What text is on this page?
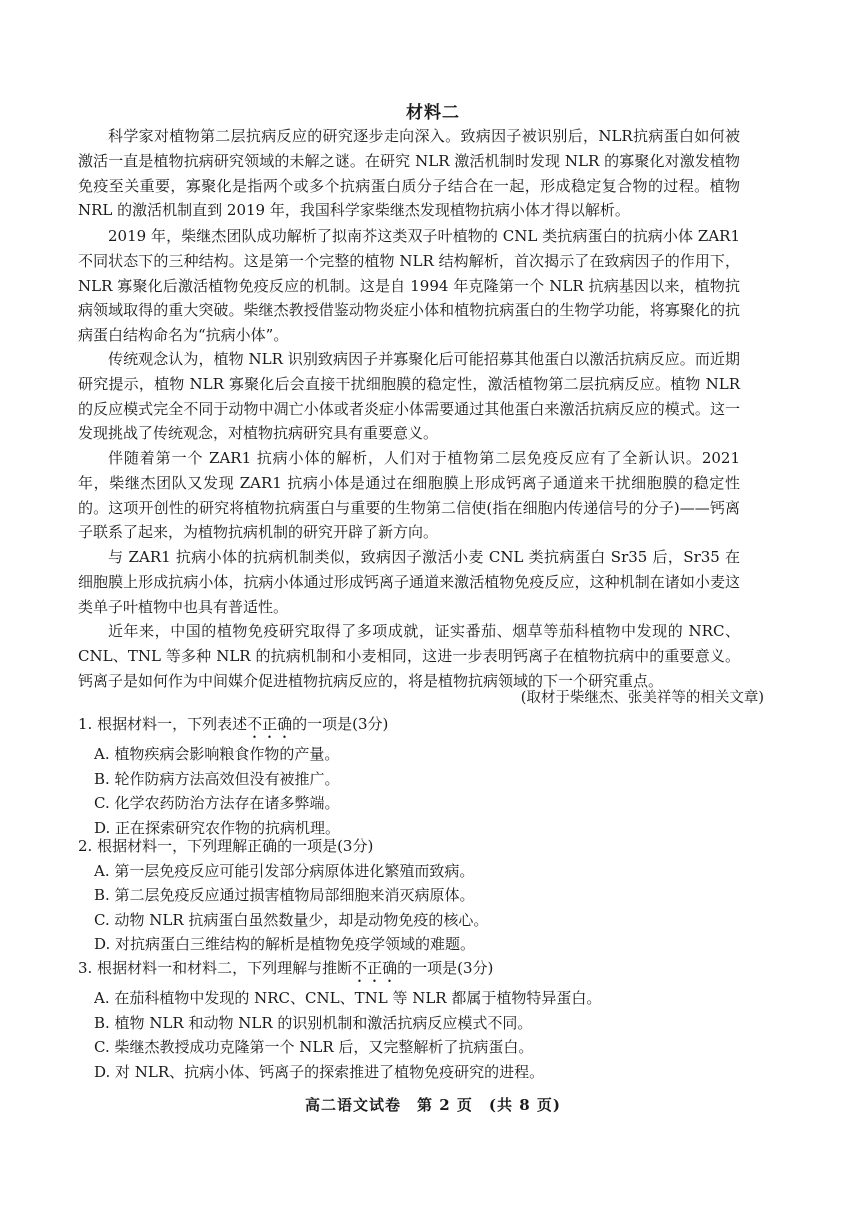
材料二
科学家对植物第二层抗病反应的研究逐步走向深入。致病因子被识别后，NLR抗病蛋白如何被激活一直是植物抗病研究领域的未解之谜。在研究 NLR 激活机制时发现 NLR 的寡聚化对激发植物免疫至关重要，寡聚化是指两个或多个抗病蛋白质分子结合在一起，形成稳定复合物的过程。植物 NRL 的激活机制直到 2019 年，我国科学家柴继杰发现植物抗病小体才得以解析。
2019 年，柴继杰团队成功解析了拟南芥这类双子叶植物的 CNL 类抗病蛋白的抗病小体 ZAR1 不同状态下的三种结构。这是第一个完整的植物 NLR 结构解析，首次揭示了在致病因子的作用下，NLR 寡聚化后激活植物免疫反应的机制。这是自 1994 年克隆第一个 NLR 抗病基因以来，植物抗病领域取得的重大突破。柴继杰教授借鉴动物炎症小体和植物抗病蛋白的生物学功能，将寡聚化的抗病蛋白结构命名为“抗病小体”。
传统观念认为，植物 NLR 识别致病因子并寡聚化后可能招募其他蛋白以激活抗病反应。而近期研究提示，植物 NLR 寡聚化后会直接干扰细胞膜的稳定性，激活植物第二层抗病反应。植物 NLR 的反应模式完全不同于动物中凋亡小体或者炎症小体需要通过其他蛋白来激活抗病反应的模式。这一发现挑战了传统观念，对植物抗病研究具有重要意义。
伴随着第一个 ZAR1 抗病小体的解析，人们对于植物第二层免疫反应有了全新认识。2021 年，柴继杰团队又发现 ZAR1 抗病小体是通过在细胞膜上形成钙离子通道来干扰细胞膜的稳定性的。这项开创性的研究将植物抗病蛋白与重要的生物第二信使(指在细胞内传递信号的分子)——钙离子联系了起来，为植物抗病机制的研究开辟了新方向。
与 ZAR1 抗病小体的抗病机制类似，致病因子激活小麦 CNL 类抗病蛋白 Sr35 后，Sr35 在细胞膜上形成抗病小体，抗病小体通过形成钙离子通道来激活植物免疫反应，这种机制在诸如小麦这类单子叶植物中也具有普适性。
近年来，中国的植物免疫研究取得了多项成就，证实番茄、烟草等茄科植物中发现的 NRC、CNL、TNL 等多种 NLR 的抗病机制和小麦相同，这进一步表明钙离子在植物抗病中的重要意义。钙离子是如何作为中间媒介促进植物抗病反应的，将是植物抗病领域的下一个研究重点。
(取材于柴继杰、张美祥等的相关文章)
1. 根据材料一，下列表述不正确的一项是(3分)
A. 植物疾病会影响粮食作物的产量。
B. 轮作防病方法高效但没有被推广。
C. 化学农药防治方法存在诸多弊端。
D. 正在探索研究农作物的抗病机理。
2. 根据材料一，下列理解正确的一项是(3分)
A. 第一层免疫反应可能引发部分病原体进化繁殖而致病。
B. 第二层免疫反应通过损害植物局部细胞来消灭病原体。
C. 动物 NLR 抗病蛋白虽然数量少，却是动物免疫的核心。
D. 对抗病蛋白三维结构的解析是植物免疫学领域的难题。
3. 根据材料一和材料二，下列理解与推断不正确的一项是(3分)
A. 在茄科植物中发现的 NRC、CNL、TNL 等 NLR 都属于植物特异蛋白。
B. 植物 NLR 和动物 NLR 的识别机制和激活抗病反应模式不同。
C. 柴继杰教授成功克隆第一个 NLR 后，又完整解析了抗病蛋白。
D. 对 NLR、抗病小体、钙离子的探索推进了植物免疫研究的进程。
高二语文试卷　第 2 页　(共 8 页)
